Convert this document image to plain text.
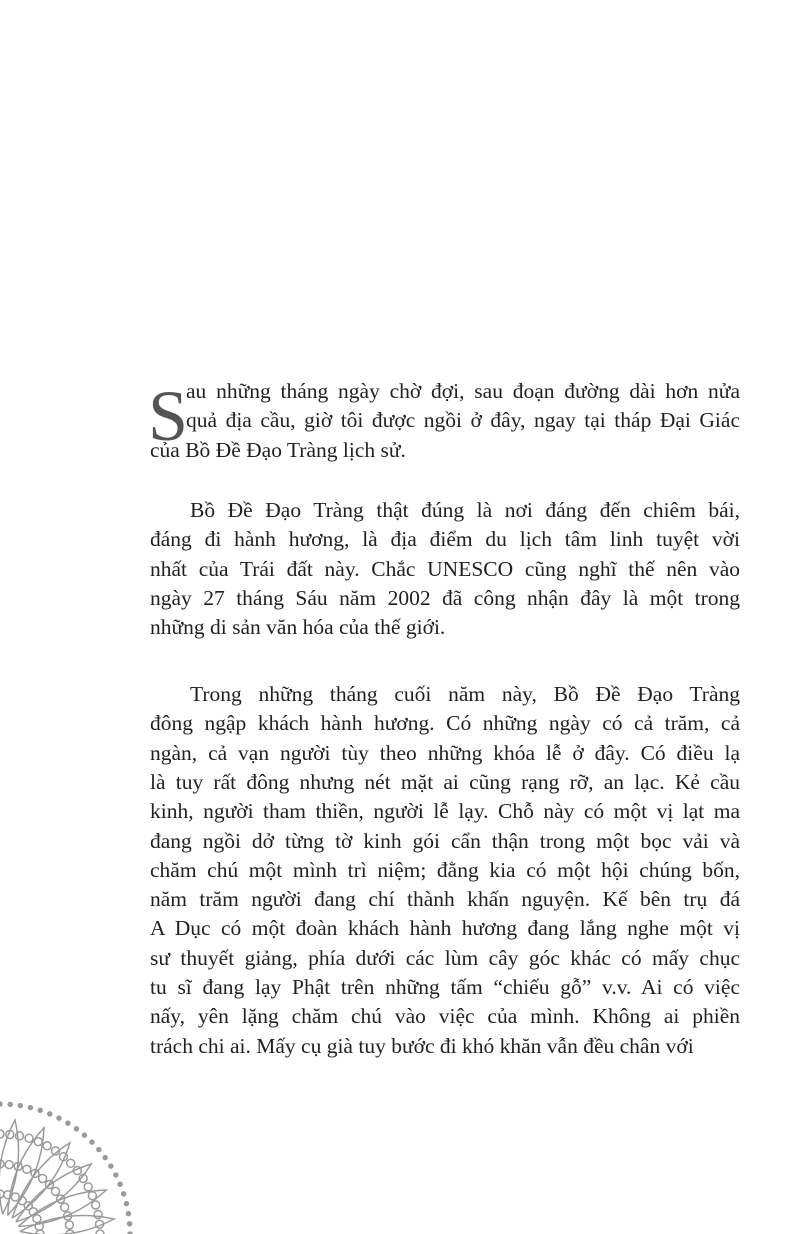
S
au những tháng ngày chờ đợi, sau đoạn đường dài hơn nửa
quả địa cầu, giờ tôi được ngồi ở đây, ngay tại tháp Đại Giác
của Bồ Đề Đạo Tràng lịch sử.
Bồ Đề Đạo Tràng thật đúng là nơi đáng đến chiêm bái,
đáng đi hành hương, là địa điểm du lịch tâm linh tuyệt vời
nhất của Trái đất này. Chắc UNESCO cũng nghĩ thế nên vào
ngày 27 tháng Sáu năm 2002 đã công nhận đây là một trong
những di sản văn hóa của thế giới.
Trong những tháng cuối năm này, Bồ Đề Đạo Tràng
đông ngập khách hành hương. Có những ngày có cả trăm, cả
ngàn, cả vạn người tùy theo những khóa lễ ở đây. Có điều lạ
là tuy rất đông nhưng nét mặt ai cũng rạng rỡ, an lạc. Kẻ cầu
kinh, người tham thiền, người lễ lạy. Chỗ này có một vị lạt ma
đang ngồi dở từng tờ kinh gói cẩn thận trong một bọc vải và
chăm chú một mình trì niệm; đằng kia có một hội chúng bốn,
năm trăm người đang chí thành khấn nguyện. Kế bên trụ đá
A Dục có một đoàn khách hành hương đang lắng nghe một vị
sư thuyết giảng, phía dưới các lùm cây góc khác có mấy chục
tu sĩ đang lạy Phật trên những tấm “chiếu gỗ” v.v. Ai có việc
nấy, yên lặng chăm chú vào việc của mình. Không ai phiền
trách chi ai. Mấy cụ già tuy bước đi khó khăn vẫn đều chân với
